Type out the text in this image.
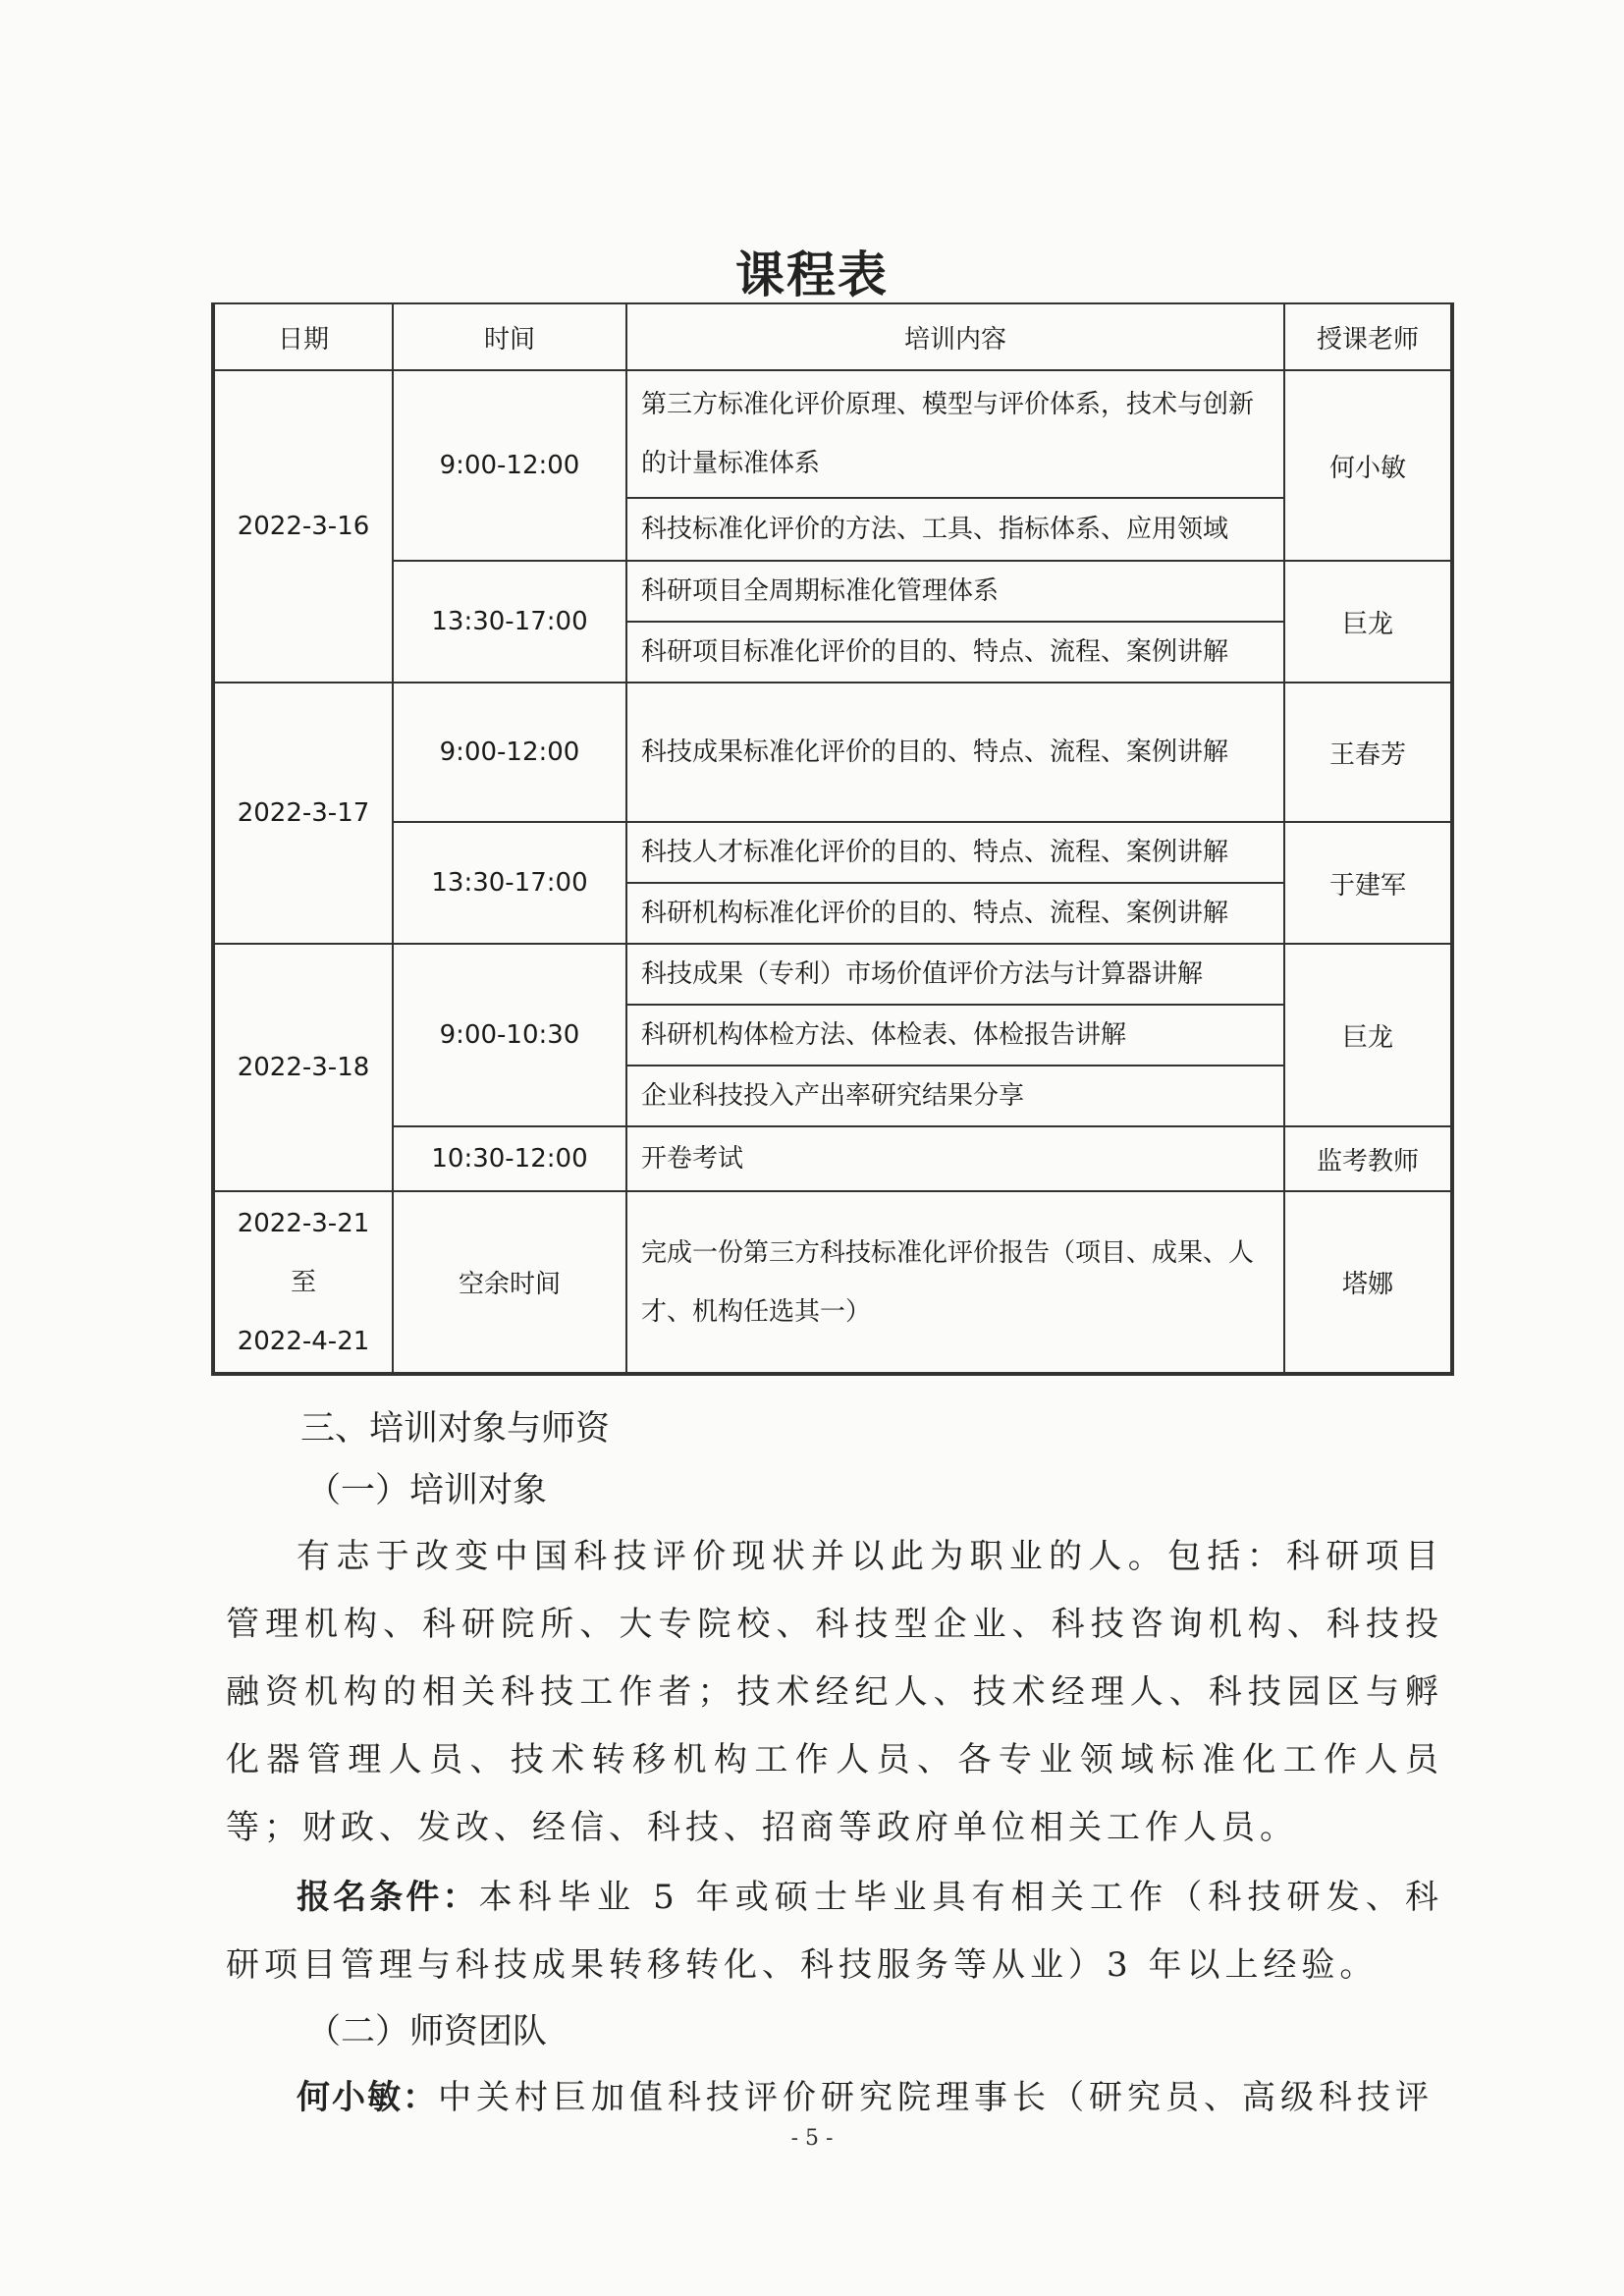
课程表
日期	时间	培训内容	授课老师
2022-3-16	9:00-12:00	第三方标准化评价原理、模型与评价体系，技术与创新的计量标准体系	何小敏
		科技标准化评价的方法、工具、指标体系、应用领域	
	13:30-17:00	科研项目全周期标准化管理体系	巨龙
		科研项目标准化评价的目的、特点、流程、案例讲解	
2022-3-17	9:00-12:00	科技成果标准化评价的目的、特点、流程、案例讲解	王春芳
	13:30-17:00	科技人才标准化评价的目的、特点、流程、案例讲解	于建军
		科研机构标准化评价的目的、特点、流程、案例讲解	
2022-3-18	9:00-10:30	科技成果（专利）市场价值评价方法与计算器讲解	巨龙
		科研机构体检方法、体检表、体检报告讲解	
		企业科技投入产出率研究结果分享	
	10:30-12:00	开卷考试	监考教师

2022-3-21
至
2022-4-21	空余时间	完成一份第三方科技标准化评价报告（项目、成果、人才、机构任选其一）	塔娜
三、培训对象与师资
（一）培训对象
有志于改变中国科技评价现状并以此为职业的人。包括：科研项目管理机构、科研院所、大专院校、科技型企业、科技咨询机构、科技投融资机构的相关科技工作者；技术经纪人、技术经理人、科技园区与孵化器管理人员、技术转移机构工作人员、各专业领域标准化工作人员等；财政、发改、经信、科技、招商等政府单位相关工作人员。
报名条件：本科毕业 5 年或硕士毕业具有相关工作（科技研发、科研项目管理与科技成果转移转化、科技服务等从业）3 年以上经验。
（二）师资团队
何小敏：中关村巨加值科技评价研究院理事长（研究员、高级科技评
- 5 -
